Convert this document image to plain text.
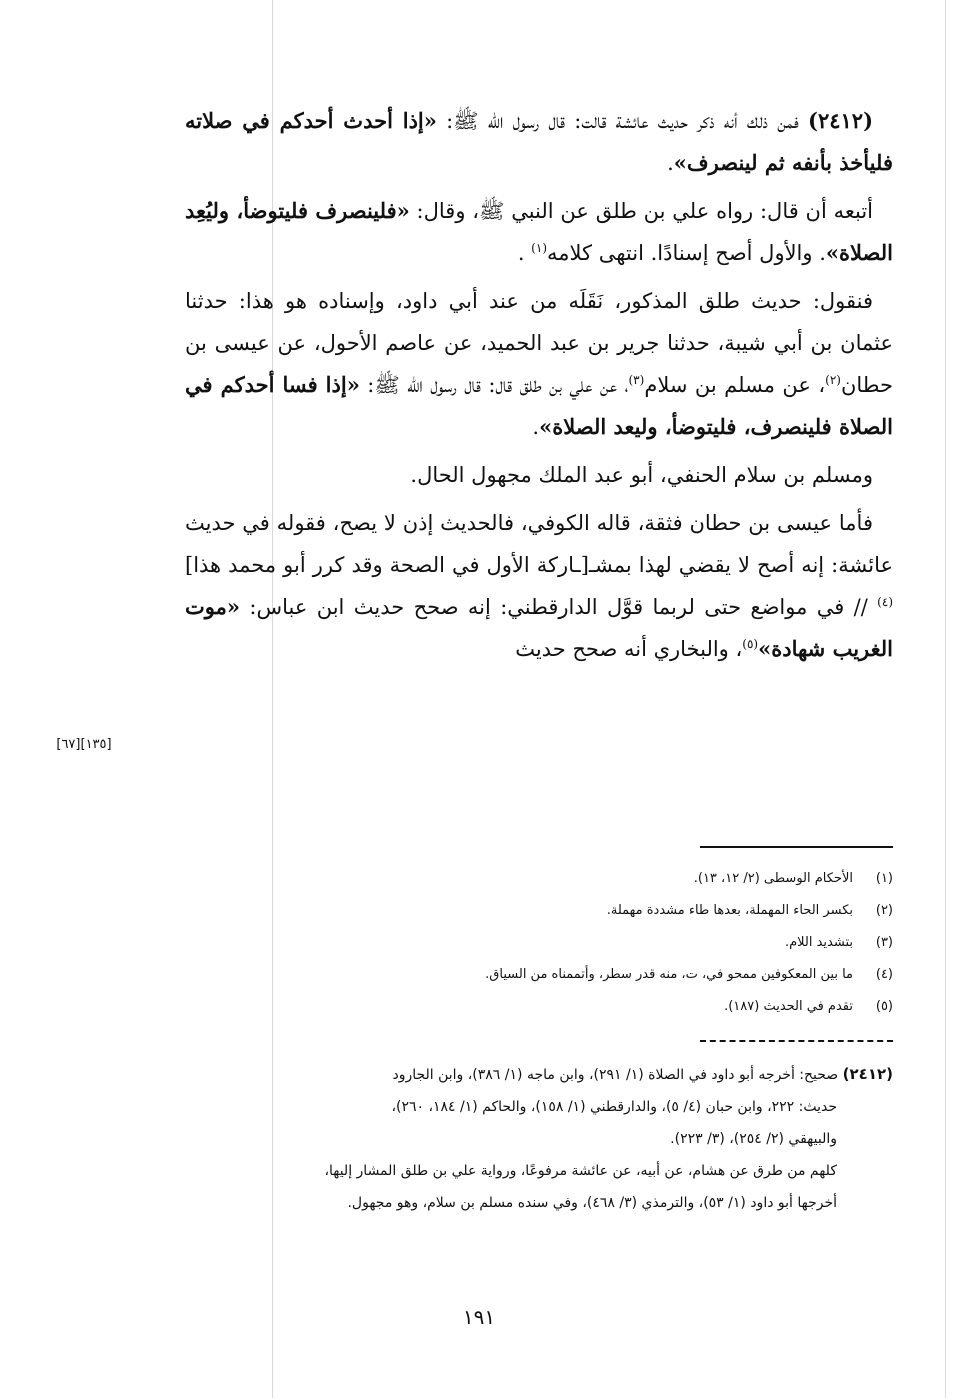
(٢٤١٢) فمن ذلك أنه ذكر حديث عائشة قالت: قال رسول الله ﷺ: «إذا أحدث أحدكم في صلاته فليأخذ بأنفه ثم لينصرف».

أتبعه أن قال: رواه علي بن طلق عن النبي ﷺ، وقال: «فلينصرف فليتوضأ، وليُعِد الصلاة». والأول أصح إسنادًا. انتهى كلامه$^{(١)}$ .

فنقول: حديث طلق المذكور، نَقَلَه من عند أبي داود، وإسناده هو هذا: حدثنا عثمان بن أبي شيبة، حدثنا جرير بن عبد الحميد، عن عاصم الأحول، عن عيسى بن حطان$^{(٢)}$، عن مسلم بن سلام$^{(٣)}$، عن علي بن طلق قال: قال رسول الله ﷺ: «إذا فسا أحدكم في الصلاة فلينصرف، فليتوضأ، وليعد الصلاة».

ومسلم بن سلام الحنفي، أبو عبد الملك مجهول الحال.

فأما عيسى بن حطان فثقة، قاله الكوفي، فالحديث إذن لا يصح، فقوله في حديث عائشة: إنه أصح لا يقضي لهذا بمشـ[ـاركة الأول في الصحة وقد كرر أبو محمد هذا]$^{(٤)}$ // في مواضع حتى لربما قوَّل الدارقطني: إنه صحح حديث ابن عباس: «موت الغريب شهادة»$^{(٥)}$، والبخاري أنه صحح حديث

[١٣٥][٦٧]
(١)
الأحكام الوسطى (٢/ ١٢، ١٣).
(٢)
بكسر الحاء المهملة، بعدها طاء مشددة مهملة.
(٣)
بتشديد اللام.
(٤)
ما بين المعكوفين ممحو في، ت، منه قدر سطر، وأتممناه من السياق.
(٥)
تقدم في الحديث (١٨٧).

(٢٤١٢) صحيح: أخرجه أبو داود في الصلاة (١/ ٢٩١)، وابن ماجه (١/ ٣٨٦)، وابن الجارود

حديث: ٢٢٢، وابن حبان (٤/ ٥)، والدارقطني (١/ ١٥٨)، والحاكم (١/ ١٨٤، ٢٦٠)،

والبيهقي (٢/ ٢٥٤)، (٣/ ٢٢٣).

كلهم من طرق عن هشام، عن أبيه، عن عائشة مرفوعًا، ورواية علي بن طلق المشار إليها،

أخرجها أبو داود (١/ ٥٣)، والترمذي (٣/ ٤٦٨)، وفي سنده مسلم بن سلام، وهو مجهول.

١٩١
